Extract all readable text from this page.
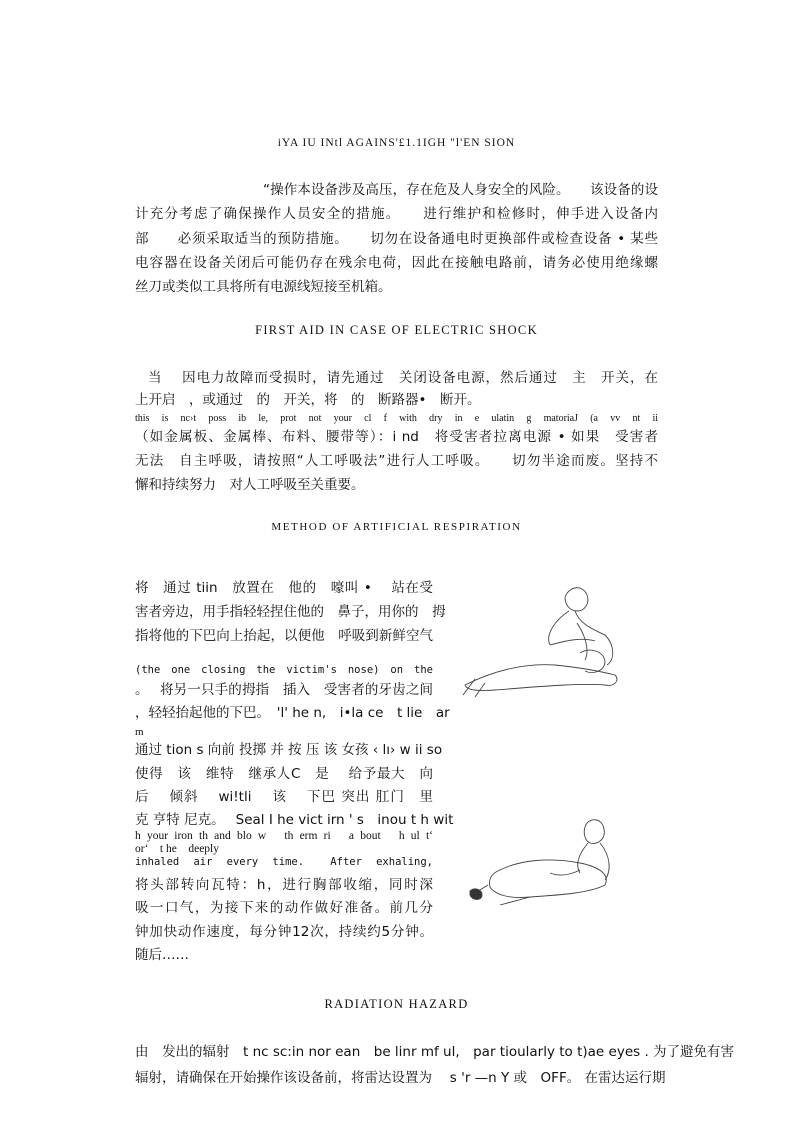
iYA IU INtl AGAINS'£1.1IGH "l'EN SION
“操作本设备涉及高压，存在危及人身安全的风险。　　该设备的设
计充分考虑了确保操作人员安全的措施。　　进行维护和检修时，伸手进入设备内
部　　必须采取适当的预防措施。　　切勿在设备通电时更换部件或检查设备 • 某些
电容器在设备关闭后可能仍存在残余电荷，因此在接触电路前，请务必使用绝缘螺
丝刀或类似工具将所有电源线短接至机箱。
FIRST AID IN CASE OF ELECTRIC SHOCK
当　 因电力故障而受损时，请先通过　关闭设备电源，然后通过　主　开关，在
上开启　，或通过　的　开关，将　的　断路器•　断开。
this is nc›t poss ib le, prot not your cl f with dry in e ulatin g matoriaJ (a vv nt ii
（如金属板、金属棒、布料、腰带等）：i nd　将受害者拉离电源 • 如果　受害者
无法　自主呼吸，请按照“人工呼吸法”进行人工呼吸。　　切勿半途而废。坚持不
懈和持续努力　对人工呼吸至关重要。
METHOD OF ARTIFICIAL RESPIRATION
将　通过 tiin　放置在　他的　嚎叫 •　 站在受
害者旁边，用手指轻轻捏住他的　鼻子，用你的　拇
指将他的下巴向上抬起，以便他　呼吸到新鲜空气
(the one closing the victim's nose) on the
。　 将另一只手的拇指　插入　受害者的牙齿之间
，轻轻抬起他的下巴。　'l' he n,　i•la ce　t lie　ar
m
通过 tion s 向前 投掷 并 按 压 该 女孩 ‹ lı› w ii so
使得　该　维特　继承人C　是　 给予最大　向
后　 倾斜　 wi!tli　 该　 下巴 突出 肛门　里
克 亨特 尼克。　 Seal I he vict irn ' s　inou t h wit
h your iron th and blo w　th erm ri　a bout　h ul t‘
or‘　t he　deeply
inhaled air every time.　After exhaling,
将头部转向瓦特：h，进行胸部收缩，同时深
吸一口气，为接下来的动作做好准备。前几分
钟加快动作速度，每分钟12次，持续约5分钟。
随后……
RADIATION HAZARD
由　发出的辐射　t nc sc:in nor ean　be linr mf ul,　par tioularly to t)ae eyes . 为了避免有害
辐射，请确保在开始操作该设备前，将雷达设置为　 s 'r —n Y 或　OFF。 在雷达运行期
